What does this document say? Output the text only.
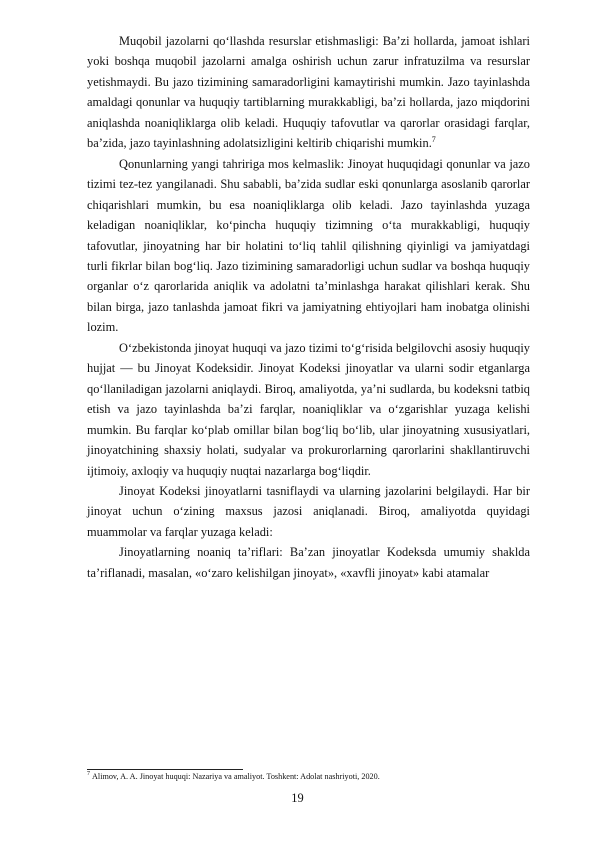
Muqobil jazolarni qo‘llashda resurslar etishmasligi: Ba’zi hollarda, jamoat ishlari yoki boshqa muqobil jazolarni amalga oshirish uchun zarur infratuzilma va resurslar yetishmaydi. Bu jazo tizimining samaradorligini kamaytirishi mumkin. Jazo tayinlashda amaldagi qonunlar va huquqiy tartiblarning murakkabligi, ba’zi hollarda, jazo miqdorini aniqlashda noaniqliklarga olib keladi. Huquqiy tafovutlar va qarorlar orasidagi farqlar, ba’zida, jazo tayinlashning adolatsizligini keltirib chiqarishi mumkin.$^7$

Qonunlarning yangi tahririga mos kelmaslik: Jinoyat huquqidagi qonunlar va jazo tizimi tez-tez yangilanadi. Shu sababli, ba’zida sudlar eski qonunlarga asoslanib qarorlar chiqarishlari mumkin, bu esa noaniqliklarga olib keladi. Jazo tayinlashda yuzaga keladigan noaniqliklar, ko‘pincha huquqiy tizimning o‘ta murakkabligi, huquqiy tafovutlar, jinoyatning har bir holatini to‘liq tahlil qilishning qiyinligi va jamiyatdagi turli fikrlar bilan bog‘liq. Jazo tizimining samaradorligi uchun sudlar va boshqa huquqiy organlar o‘z qarorlarida aniqlik va adolatni ta’minlashga harakat qilishlari kerak. Shu bilan birga, jazo tanlashda jamoat fikri va jamiyatning ehtiyojlari ham inobatga olinishi lozim.

O‘zbekistonda jinoyat huquqi va jazo tizimi to‘g‘risida belgilovchi asosiy huquqiy hujjat — bu Jinoyat Kodeksidir. Jinoyat Kodeksi jinoyatlar va ularni sodir etganlarga qo‘llaniladigan jazolarni aniqlaydi. Biroq, amaliyotda, ya’ni sudlarda, bu kodeksni tatbiq etish va jazo tayinlashda ba’zi farqlar, noaniqliklar va o‘zgarishlar yuzaga kelishi mumkin. Bu farqlar ko‘plab omillar bilan bog‘liq bo‘lib, ular jinoyatning xususiyatlari, jinoyatchining shaxsiy holati, sudyalar va prokurorlarning qarorlarini shakllantiruvchi ijtimoiy, axloqiy va huquqiy nuqtai nazarlarga bog‘liqdir.

Jinoyat Kodeksi jinoyatlarni tasniflaydi va ularning jazolarini belgilaydi. Har bir jinoyat uchun o‘zining maxsus jazosi aniqlanadi. Biroq, amaliyotda quyidagi muammolar va farqlar yuzaga keladi:

Jinoyatlarning noaniq ta’riflari: Ba’zan jinoyatlar Kodeksda umumiy shaklda ta’riflanadi, masalan, «o‘zaro kelishilgan jinoyat», «xavfli jinoyat» kabi atamalar

$^7$ Alimov, A. A. Jinoyat huquqi: Nazariya va amaliyot. Toshkent: Adolat nashriyoti, 2020.
19
